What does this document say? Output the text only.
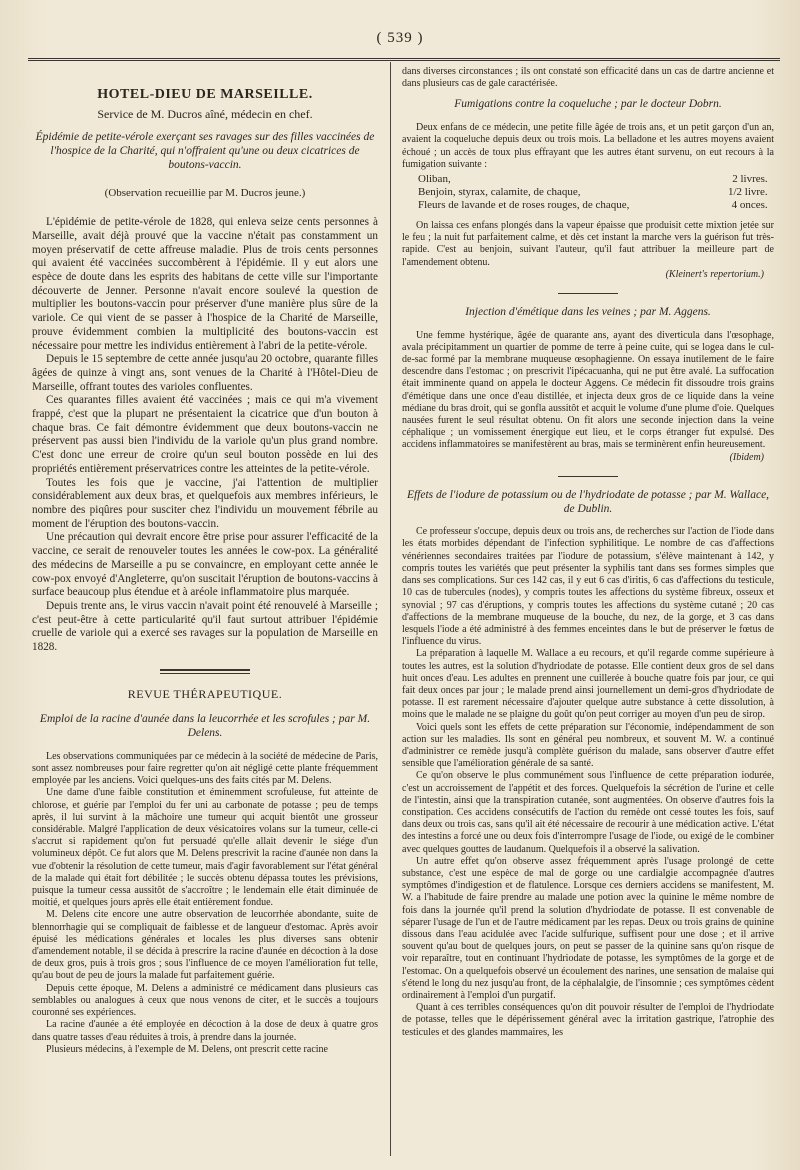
( 539 )
HOTEL-DIEU DE MARSEILLE.
Service de M. Ducros aîné, médecin en chef.

Épidémie de petite-vérole exerçant ses ravages sur des filles vaccinées de l'hospice de la Charité, qui n'offraient qu'une ou deux cicatrices de boutons-vaccin.

(Observation recueillie par M. Ducros jeune.)

L'épidémie de petite-vérole de 1828, qui enleva seize cents personnes à Marseille, avait déjà prouvé que la vaccine n'était pas constamment un moyen préservatif de cette affreuse maladie. Plus de trois cents personnes qui avaient été vaccinées succombèrent à l'épidémie. Il y eut alors une espèce de doute dans les esprits des habitans de cette ville sur l'importante découverte de Jenner. Personne n'avait encore soulevé la question de multiplier les boutons-vaccin pour préserver d'une manière plus sûre de la variole. Ce qui vient de se passer à l'hospice de la Charité de Marseille, prouve évidemment combien la multiplicité des boutons-vaccin est nécessaire pour mettre les individus entièrement à l'abri de la petite-vérole.

Depuis le 15 septembre de cette année jusqu'au 20 octobre, quarante filles âgées de quinze à vingt ans, sont venues de la Charité à l'Hôtel-Dieu de Marseille, offrant toutes des varioles confluentes.

Ces quarantes filles avaient été vaccinées ; mais ce qui m'a vivement frappé, c'est que la plupart ne présentaient la cicatrice que d'un bouton à chaque bras. Ce fait démontre évidemment que deux boutons-vaccin ne préservent pas aussi bien l'individu de la variole qu'un plus grand nombre. C'est donc une erreur de croire qu'un seul bouton possède en lui des propriétés entièrement préservatrices contre les atteintes de la petite-vérole.

Toutes les fois que je vaccine, j'ai l'attention de multiplier considérablement aux deux bras, et quelquefois aux membres inférieurs, le nombre des piqûres pour susciter chez l'individu un mouvement fébrile au moment de l'éruption des boutons-vaccin.

Une précaution qui devrait encore être prise pour assurer l'efficacité de la vaccine, ce serait de renouveler toutes les années le cow-pox. La généralité des médecins de Marseille a pu se convaincre, en employant cette année le cow-pox envoyé d'Angleterre, qu'on suscitait l'éruption de boutons-vaccins à surface beaucoup plus étendue et à aréole inflammatoire plus marquée.

Depuis trente ans, le virus vaccin n'avait point été renouvelé à Marseille ; c'est peut-être à cette particularité qu'il faut surtout attribuer l'épidémie cruelle de variole qui a exercé ses ravages sur la population de Marseille en 1828.

REVUE THÉRAPEUTIQUE.

Emploi de la racine d'aunée dans la leucorrhée et les scrofules ; par M. Delens.

Les observations communiquées par ce médecin à la société de médecine de Paris, sont assez nombreuses pour faire regretter qu'on ait négligé cette plante fréquemment employée par les anciens. Voici quelques-uns des faits cités par M. Delens.

Une dame d'une faible constitution et éminemment scrofuleuse, fut atteinte de chlorose, et guérie par l'emploi du fer uni au carbonate de potasse ; peu de temps après, il lui survint à la mâchoire une tumeur qui acquit bientôt une grosseur considérable. Malgré l'application de deux vésicatoires volans sur la tumeur, celle-ci s'accrut si rapidement qu'on fut persuadé qu'elle allait devenir le siége d'un volumineux dépôt. Ce fut alors que M. Delens prescrivit la racine d'aunée non dans la vue d'obtenir la résolution de cette tumeur, mais d'agir favorablement sur l'état général de la malade qui était fort débilitée ; le succès obtenu dépassa toutes les prévisions, puisque la tumeur cessa aussitôt de s'accroître ; le lendemain elle était diminuée de moitié, et quelques jours après elle était entièrement fondue.

M. Delens cite encore une autre observation de leucorrhée abondante, suite de blennorrhagie qui se compliquait de faiblesse et de langueur d'estomac. Après avoir épuisé les médications générales et locales les plus diverses sans obtenir d'amendement notable, il se décida à prescrire la racine d'aunée en décoction à la dose de deux gros, puis à trois gros ; sous l'influence de ce moyen l'amélioration fut telle, qu'au bout de peu de jours la malade fut parfaitement guérie.

Depuis cette époque, M. Delens a administré ce médicament dans plusieurs cas semblables ou analogues à ceux que nous venons de citer, et le succès a toujours couronné ses expériences.

La racine d'aunée a été employée en décoction à la dose de deux à quatre gros dans quatre tasses d'eau réduites à trois, à prendre dans la journée.

Plusieurs médecins, à l'exemple de M. Delens, ont prescrit cette racine

dans diverses circonstances ; ils ont constaté son efficacité dans un cas de dartre ancienne et dans plusieurs cas de gale caractérisée.

Fumigations contre la coqueluche ; par le docteur Dobrn.

Deux enfans de ce médecin, une petite fille âgée de trois ans, et un petit garçon d'un an, avaient la coqueluche depuis deux ou trois mois. La belladone et les autres moyens avaient échoué ; un accès de toux plus effrayant que les autres étant survenu, on eut recours à la fumigation suivante :

Oliban,	2 livres.
Benjoin, styrax, calamite, de chaque,	1/2 livre.
Fleurs de lavande et de roses rouges, de chaque,	4 onces.

On laissa ces enfans plongés dans la vapeur épaisse que produisit cette mixtion jetée sur le feu ; la nuit fut parfaitement calme, et dès cet instant la marche vers la guérison fut très-rapide. C'est au benjoin, suivant l'auteur, qu'il faut attribuer la meilleure part de l'amendement obtenu.

(Kleinert's repertorium.)

Injection d'émétique dans les veines ; par M. Aggens.

Une femme hystérique, âgée de quarante ans, ayant des diverticula dans l'œsophage, avala précipitamment un quartier de pomme de terre à peine cuite, qui se logea dans le cul-de-sac formé par la membrane muqueuse œsophagienne. On essaya inutilement de le faire descendre dans l'estomac ; on prescrivit l'ipécacuanha, qui ne put être avalé. La suffocation était imminente quand on appela le docteur Aggens. Ce médecin fit dissoudre trois grains d'émétique dans une once d'eau distillée, et injecta deux gros de ce liquide dans la veine médiane du bras droit, qui se gonfla aussitôt et acquit le volume d'une plume d'oie. Quelques nausées furent le seul résultat obtenu. On fit alors une seconde injection dans la veine céphalique ; un vomissement énergique eut lieu, et le corps étranger fut expulsé. Des accidens inflammatoires se manifestèrent au bras, mais se terminèrent enfin heureusement.

(Ibidem)

Effets de l'iodure de potassium ou de l'hydriodate de potasse ; par M. Wallace, de Dublin.

Ce professeur s'occupe, depuis deux ou trois ans, de recherches sur l'action de l'iode dans les états morbides dépendant de l'infection syphilitique. Le nombre de cas d'affections vénériennes secondaires traitées par l'iodure de potassium, s'élève maintenant à 142, y compris toutes les variétés que peut présenter la syphilis tant dans ses formes simples que dans ses complications. Sur ces 142 cas, il y eut 6 cas d'iritis, 6 cas d'affections du testicule, 10 cas de tubercules (nodes), y compris toutes les affections du système fibreux, osseux et synovial ; 97 cas d'éruptions, y compris toutes les affections du système cutané ; 20 cas d'affections de la membrane muqueuse de la bouche, du nez, de la gorge, et 3 cas dans lesquels l'iode a été administré à des femmes enceintes dans le but de préserver le fœtus de l'influence du virus.

La préparation à laquelle M. Wallace a eu recours, et qu'il regarde comme supérieure à toutes les autres, est la solution d'hydriodate de potasse. Elle contient deux gros de sel dans huit onces d'eau. Les adultes en prennent une cuillerée à bouche quatre fois par jour, ce qui fait deux onces par jour ; le malade prend ainsi journellement un demi-gros d'hydriodate de potasse. Il est rarement nécessaire d'ajouter quelque autre substance à cette dissolution, à moins que le malade ne se plaigne du goût qu'on peut corriger au moyen d'un peu de sirop.

Voici quels sont les effets de cette préparation sur l'économie, indépendamment de son action sur les maladies. Ils sont en général peu nombreux, et souvent M. W. a continué d'administrer ce remède jusqu'à complète guérison du malade, sans observer d'autre effet sensible que l'amélioration générale de sa santé.

Ce qu'on observe le plus communément sous l'influence de cette préparation iodurée, c'est un accroissement de l'appétit et des forces. Quelquefois la sécrétion de l'urine et celle de l'intestin, ainsi que la transpiration cutanée, sont augmentées. On observe d'autres fois la constipation. Ces accidens consécutifs de l'action du remède ont cessé toutes les fois, sauf dans deux ou trois cas, sans qu'il ait été nécessaire de recourir à une médication active. L'état des intestins a forcé une ou deux fois d'interrompre l'usage de l'iode, ou exigé de le combiner avec quelques gouttes de laudanum. Quelquefois il a observé la salivation.

Un autre effet qu'on observe assez fréquemment après l'usage prolongé de cette substance, c'est une espèce de mal de gorge ou une cardialgie accompagnée d'autres symptômes d'indigestion et de flatulence. Lorsque ces derniers accidens se manifestent, M. W. a l'habitude de faire prendre au malade une potion avec la quinine le même nombre de fois dans la journée qu'il prend la solution d'hydriodate de potasse. Il est convenable de séparer l'usage de l'un et de l'autre médicament par les repas. Deux ou trois grains de quinine dissous dans l'eau acidulée avec l'acide sulfurique, suffisent pour une dose ; et il arrive souvent qu'au bout de quelques jours, on peut se passer de la quinine sans qu'on risque de voir reparaître, tout en continuant l'hydriodate de potasse, les symptômes de la gorge et de l'estomac. On a quelquefois observé un écoulement des narines, une sensation de malaise qui s'étend le long du nez jusqu'au front, de la céphalalgie, de l'insomnie ; ces symptômes cèdent ordinairement à l'emploi d'un purgatif.

Quant à ces terribles conséquences qu'on dit pouvoir résulter de l'emploi de l'hydriodate de potasse, telles que le dépérissement général avec la irritation gastrique, l'atrophie des testicules et des glandes mammaires, les
